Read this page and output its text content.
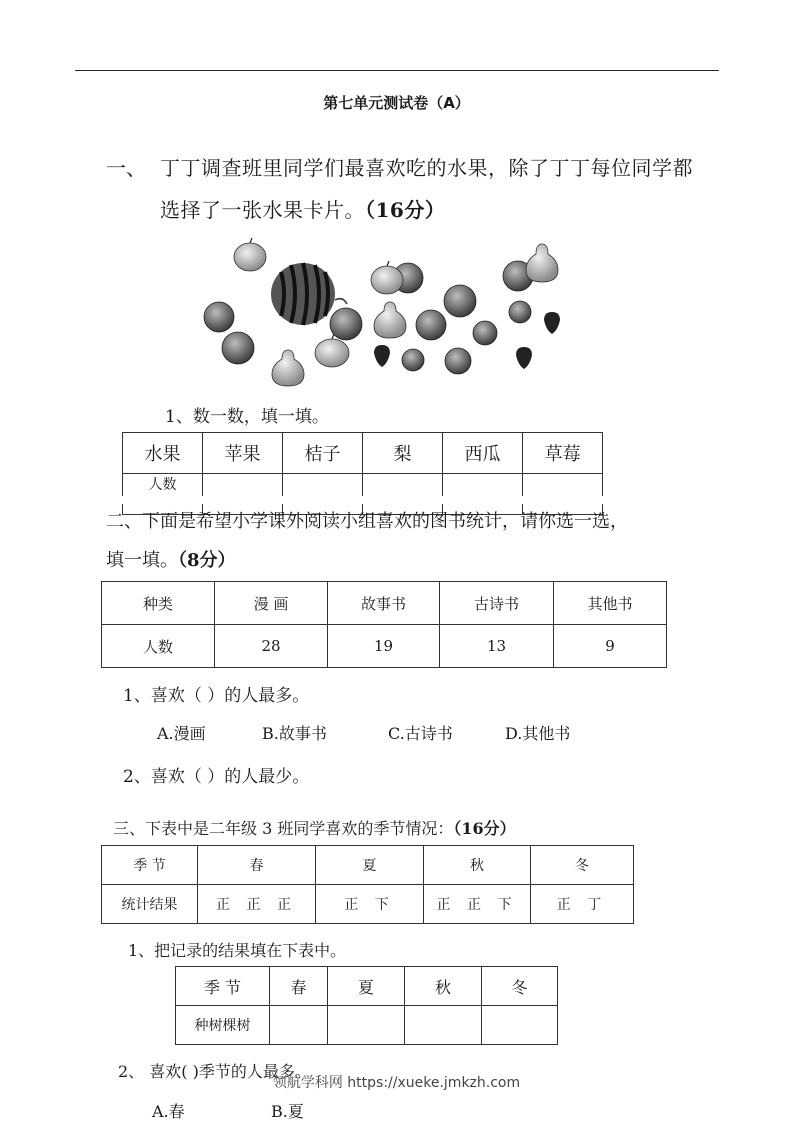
第七单元测试卷（A）
一、 丁丁调查班里同学们最喜欢吃的水果，除了丁丁每位同学都
选择了一张水果卡片。（16分）
1、数一数，填一填。
水果	苹果	桔子	梨	西瓜	草莓
人数					
二、下面是希望小学课外阅读小组喜欢的图书统计，请你选一选，
填一填。（8分）
种类	漫 画	故事书	古诗书	其他书
人数	28	19	13	9
1、喜欢（ ）的人最多。
A.漫画	B.故事书	C.古诗书	D.其他书
2、喜欢（ ）的人最少。
三、下表中是二年级 3 班同学喜欢的季节情况：（16分）
季 节	春	夏	秋	冬
统计结果	正 正 正	正 下	正 正 下	正 丁
1、把记录的结果填在下表中。
季 节	春	夏	秋	冬
种树棵树				
2、 喜欢( )季节的人最多。
领航学科网 https://xueke.jmkzh.com
A.春	B.夏
